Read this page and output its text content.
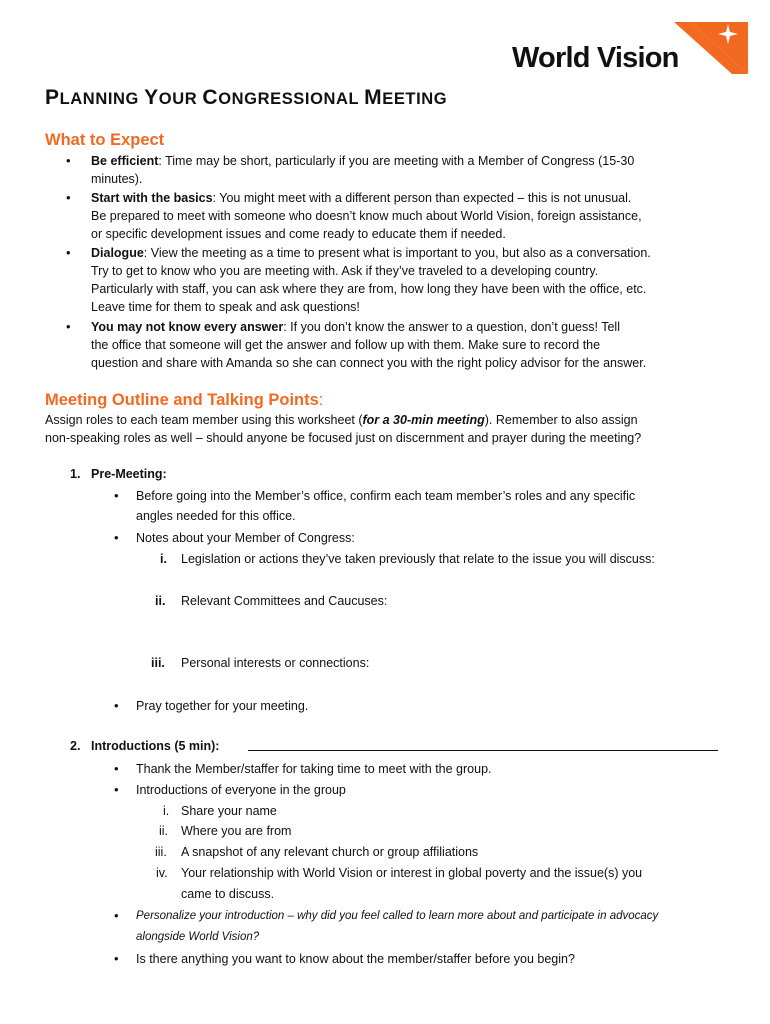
World Vision
PLANNING YOUR CONGRESSIONAL MEETING
What to Expect
• Be efficient: Time may be short, particularly if you are meeting with a Member of Congress (15-30
minutes).
• Start with the basics: You might meet with a different person than expected – this is not unusual.
Be prepared to meet with someone who doesn’t know much about World Vision, foreign assistance,
or specific development issues and come ready to educate them if needed.
• Dialogue: View the meeting as a time to present what is important to you, but also as a conversation.
Try to get to know who you are meeting with. Ask if they’ve traveled to a developing country.
Particularly with staff, you can ask where they are from, how long they have been with the office, etc.
Leave time for them to speak and ask questions!
• You may not know every answer: If you don’t know the answer to a question, don’t guess! Tell
the office that someone will get the answer and follow up with them. Make sure to record the
question and share with Amanda so she can connect you with the right policy advisor for the answer.
Meeting Outline and Talking Points:
Assign roles to each team member using this worksheet (for a 30-min meeting). Remember to also assign
non-speaking roles as well – should anyone be focused just on discernment and prayer during the meeting?
1. Pre-Meeting:
• Before going into the Member’s office, confirm each team member’s roles and any specific
angles needed for this office.
• Notes about your Member of Congress:
i. Legislation or actions they’ve taken previously that relate to the issue you will discuss:
ii. Relevant Committees and Caucuses:
iii. Personal interests or connections:
• Pray together for your meeting.
2. Introductions (5 min):
• Thank the Member/staffer for taking time to meet with the group.
• Introductions of everyone in the group
i. Share your name
ii. Where you are from
iii. A snapshot of any relevant church or group affiliations
iv. Your relationship with World Vision or interest in global poverty and the issue(s) you
came to discuss.
• Personalize your introduction – why did you feel called to learn more about and participate in advocacy
alongside World Vision?
• Is there anything you want to know about the member/staffer before you begin?
